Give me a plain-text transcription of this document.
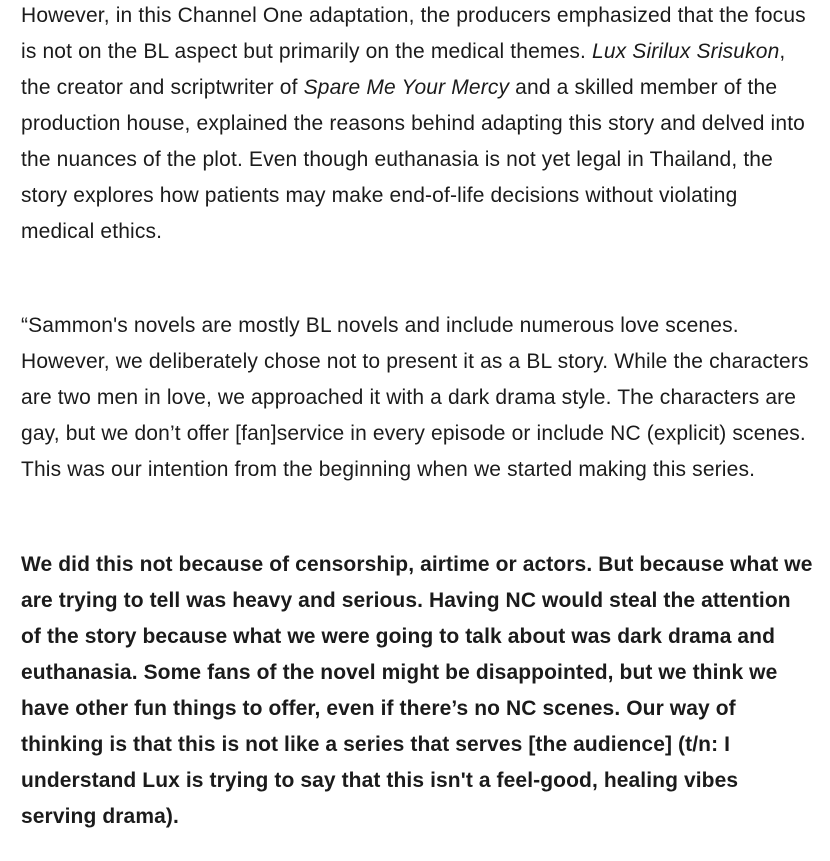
However, in this Channel One adaptation, the producers emphasized that the focus is not on the BL aspect but primarily on the medical themes. Lux Sirilux Srisukon, the creator and scriptwriter of Spare Me Your Mercy and a skilled member of the production house, explained the reasons behind adapting this story and delved into the nuances of the plot. Even though euthanasia is not yet legal in Thailand, the story explores how patients may make end-of-life decisions without violating medical ethics.

“Sammon's novels are mostly BL novels and include numerous love scenes. However, we deliberately chose not to present it as a BL story. While the characters are two men in love, we approached it with a dark drama style. The characters are gay, but we don’t offer [fan]service in every episode or include NC (explicit) scenes. This was our intention from the beginning when we started making this series.

We did this not because of censorship, airtime or actors. But because what we are trying to tell was heavy and serious. Having NC would steal the attention of the story because what we were going to talk about was dark drama and euthanasia. Some fans of the novel might be disappointed, but we think we have other fun things to offer, even if there’s no NC scenes. Our way of thinking is that this is not like a series that serves [the audience] (t/n: I understand Lux is trying to say that this isn't a feel-good, healing vibes serving drama).
